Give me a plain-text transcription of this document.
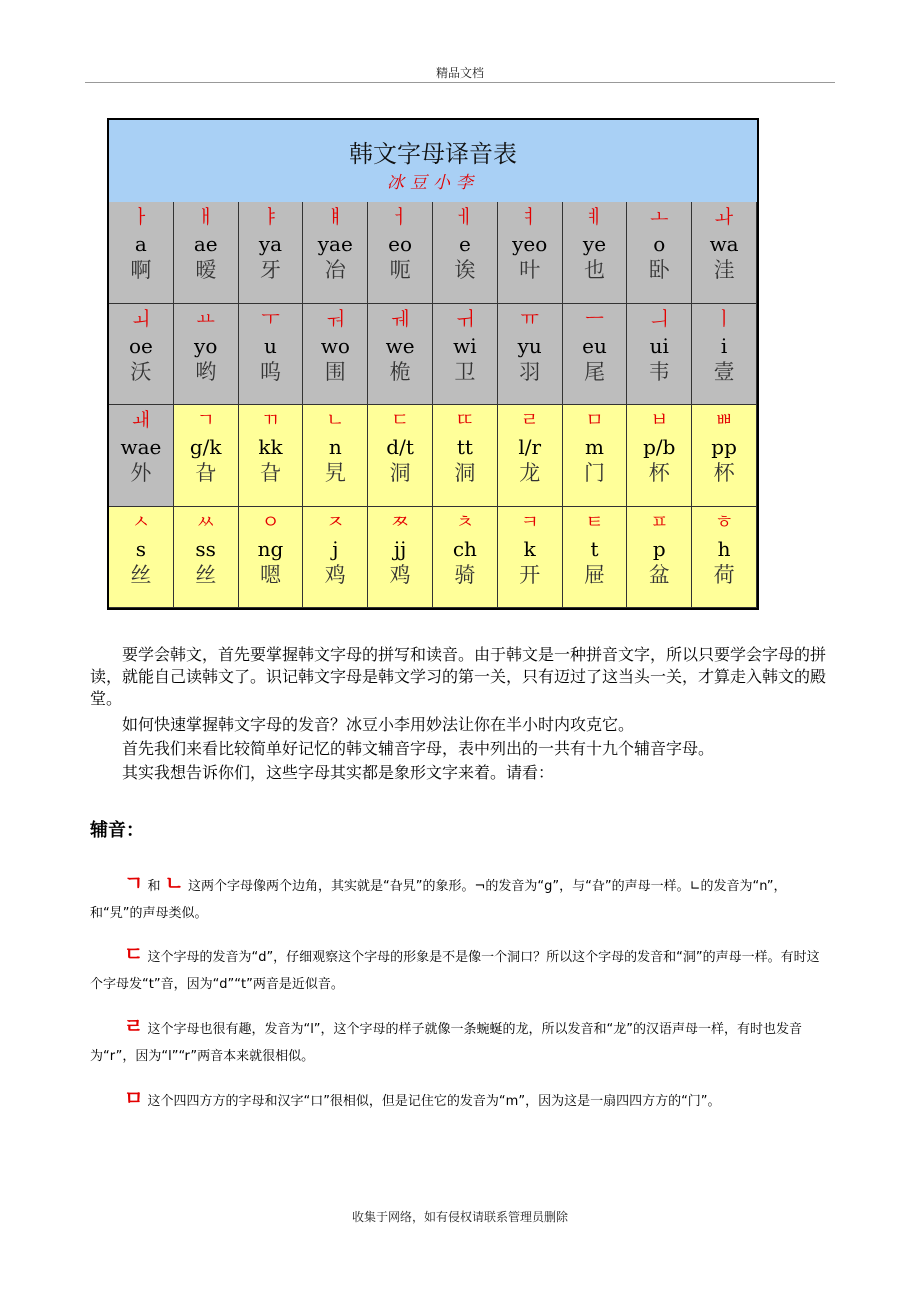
精品文档
韩文字母译音表
冰豆小李
ㅏ
a
啊
ㅐ
ae
暧
ㅑ
ya
牙
ㅒ
yae
冶
ㅓ
eo
呃
ㅔ
e
诶
ㅕ
yeo
叶
ㅖ
ye
也
ㅗ
o
卧
ㅘ
wa
洼
ㅚ
oe
沃
ㅛ
yo
哟
ㅜ
u
呜
ㅝ
wo
围
ㅞ
we
桅
ㅟ
wi
卫
ㅠ
yu
羽
ㅡ
eu
尾
ㅢ
ui
韦
ㅣ
i
壹
ㅙ
wae
外
ㄱ
g/k
旮
ㄲ
kk
旮
ㄴ
n
旯
ㄷ
d/t
洞
ㄸ
tt
洞
ㄹ
l/r
龙
ㅁ
m
门
ㅂ
p/b
杯
ㅃ
pp
杯
ㅅ
s
丝
ㅆ
ss
丝
ㅇ
ng
嗯
ㅈ
j
鸡
ㅉ
jj
鸡
ㅊ
ch
骑
ㅋ
k
开
ㅌ
t
屉
ㅍ
p
盆
ㅎ
h
荷

　　要学会韩文，首先要掌握韩文字母的拼写和读音。由于韩文是一种拼音文字，所以只要学会字母的拼读，就能自己读韩文了。识记韩文字母是韩文学习的第一关，只有迈过了这当头一关，才算走入韩文的殿堂。

　　如何快速掌握韩文字母的发音？冰豆小李用妙法让你在半小时内攻克它。

　　首先我们来看比较简单好记忆的韩文辅音字母，表中列出的一共有十九个辅音字母。

　　其实我想告诉你们，这些字母其实都是象形文字来着。请看：

辅音：

ㄱ 和 ㄴ 这两个字母像两个边角，其实就是“旮旯”的象形。¬的发音为“g”，与“旮”的声母一样。∟的发音为“n”，和“旯”的声母类似。

ㄷ 这个字母的发音为“d”，仔细观察这个字母的形象是不是像一个洞口？所以这个字母的发音和“洞”的声母一样。有时这个字母发“t”音，因为“d”“t”两音是近似音。

ㄹ 这个字母也很有趣，发音为“l”，这个字母的样子就像一条蜿蜒的龙，所以发音和“龙”的汉语声母一样，有时也发音为“r”，因为“l”“r”两音本来就很相似。

ㅁ 这个四四方方的字母和汉字“口”很相似，但是记住它的发音为“m”，因为这是一扇四四方方的“门”。

收集于网络，如有侵权请联系管理员删除
